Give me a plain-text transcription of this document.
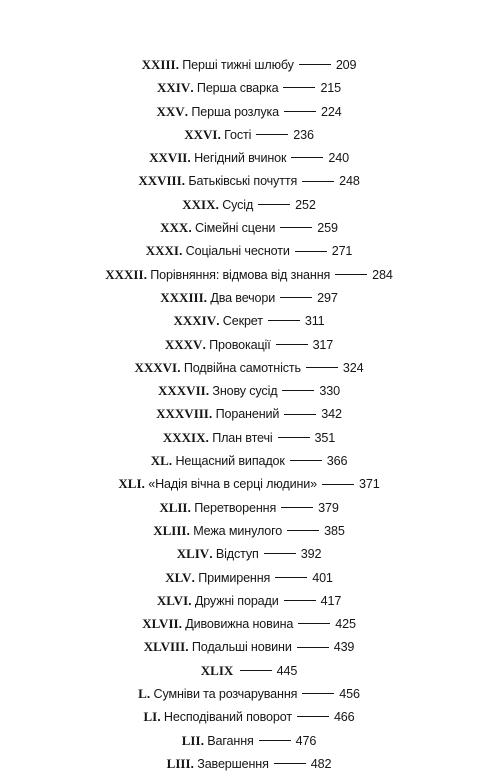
XXIII. Перші тижні шлюбу	209
XXIV. Перша сварка	215
XXV. Перша розлука	224
XXVI. Гості	236
XXVII. Негідний вчинок	240
XXVIII. Батьківські почуття	248
XXIX. Сусід	252
XXX. Сімейні сцени	259
XXXI. Соціальні чесноти	271
XXXII. Порівняння: відмова від знання	284
XXXIII. Два вечори	297
XXXIV. Секрет	311
XXXV. Провокації	317
XXXVI. Подвійна самотність	324
XXXVII. Знову сусід	330
XXXVIII. Поранений	342
XXXIX. План втечі	351
XL. Нещасний випадок	366
XLI. «Надія вічна в серці людини»	371
XLII. Перетворення	379
XLIII. Межа минулого	385
XLIV. Відступ	392
XLV. Примирення	401
XLVI. Дружні поради	417
XLVII. Дивовижна новина	425
XLVIII. Подальші новини	439
XLIX	445
L. Сумніви та розчарування	456
LI. Несподіваний поворот	466
LII. Вагання	476
LIII. Завершення	482
